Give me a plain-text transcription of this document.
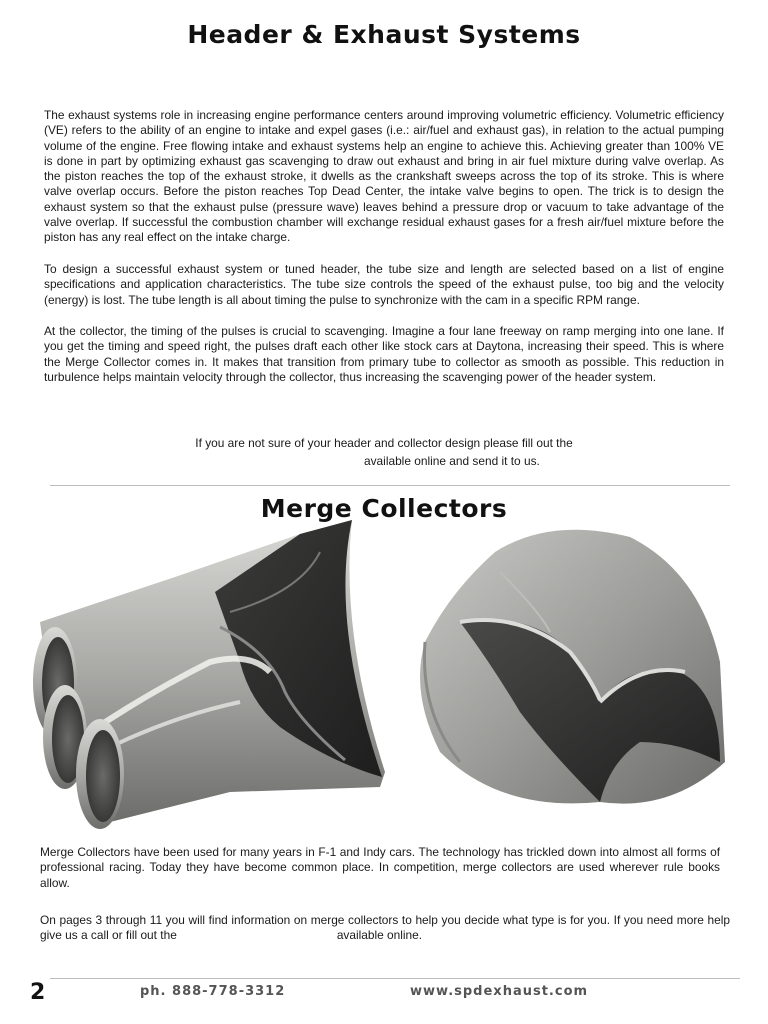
Header & Exhaust Systems

The exhaust systems role in increasing engine performance centers around improving volumetric efficiency. Volumetric efficiency (VE) refers to the ability of an engine to intake and expel gases (i.e.: air/fuel and exhaust gas), in relation to the actual pumping volume of the engine. Free flowing intake and exhaust systems help an engine to achieve this. Achieving greater than 100% VE is done in part by optimizing exhaust gas scavenging to draw out exhaust and bring in air fuel mixture during valve overlap. As the piston reaches the top of the exhaust stroke, it dwells as the crankshaft sweeps across the top of its stroke. This is where valve overlap occurs. Before the piston reaches Top Dead Center, the intake valve begins to open. The trick is to design the exhaust system so that the exhaust pulse (pressure wave) leaves behind a pressure drop or vacuum to take advantage of the valve overlap. If successful the combustion chamber will exchange residual exhaust gases for a fresh air/fuel mixture before the piston has any real effect on the intake charge.

To design a successful exhaust system or tuned header, the tube size and length are selected based on a list of engine specifications and application characteristics. The tube size controls the speed of the exhaust pulse, too big and the velocity (energy) is lost. The tube length is all about timing the pulse to synchronize with the cam in a specific RPM range.

At the collector, the timing of the pulses is crucial to scavenging. Imagine a four lane freeway on ramp merging into one lane. If you get the timing and speed right, the pulses draft each other like stock cars at Daytona, increasing their speed. This is where the Merge Collector comes in. It makes that transition from primary tube to collector as smooth as possible. This reduction in turbulence helps maintain velocity through the collector, thus increasing the scavenging power of the header system.

If you are not sure of your header and collector design please fill out the
available online and send it to us.
Merge Collectors

Merge Collectors have been used for many years in F-1 and Indy cars. The technology has trickled down into almost all forms of professional racing. Today they have become common place. In competition, merge collectors are used wherever rule books allow.

On pages 3 through 11 you will find information on merge collectors to help you decide what type is for you. If you need more help give us a call or fill out the	available online.

2	ph. 888-778-3312	www.spdexhaust.com
